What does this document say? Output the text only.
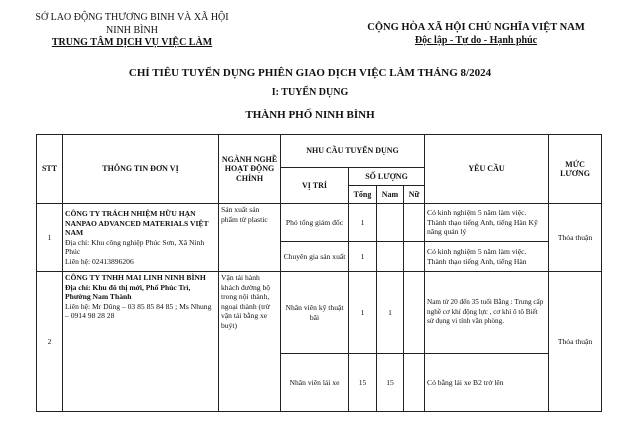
SỞ LAO ĐỘNG THƯƠNG BINH VÀ XÃ HỘI
NINH BÌNH
TRUNG TÂM DỊCH VỤ VIỆC LÀM
CỘNG HÒA XÃ HỘI CHỦ NGHĨA VIỆT NAM
Độc lập - Tự do - Hạnh phúc
CHỈ TIÊU TUYỂN DỤNG PHIÊN GIAO DỊCH VIỆC LÀM THÁNG 8/2024
I: TUYỂN DỤNG
THÀNH PHỐ NINH BÌNH
STT	THÔNG TIN ĐƠN VỊ	NGÀNH NGHỀ HOẠT ĐỘNG CHÍNH	NHU CẦU TUYỂN DỤNG				YÊU CẦU	MỨC LƯƠNG
			VỊ TRÍ	SỐ LƯỢNG				
				Tổng	Nam	Nữ		
1	CÔNG TY TRÁCH NHIỆM HỮU HẠN NANPAO ADVANCED MATERIALS VIỆT NAM
Địa chỉ: Khu công nghiệp Phúc Sơn, Xã Ninh Phúc
Liên hệ: 02413896206	Sản xuất sản phẩm từ plastic	Phó tổng giám đốc	1			Có kinh nghiệm 5 năm làm việc. Thành thạo tiếng Anh, tiếng Hàn Kỹ năng quản lý	Thỏa thuận
			Chuyên gia sản xuất	1			Có kinh nghiệm 5 năm làm việc. Thành thạo tiếng Anh, tiếng Hàn	
2	CÔNG TY TNHH MAI LINH NINH BÌNH
Địa chỉ: Khu đô thị mới, Phố Phúc Trì, Phường Nam Thành
Liên hệ: Mr Dũng – 03 85 85 84 85 ; Ms Nhung – 0914 98 28 28	Vận tải hành khách đường bộ trong nội thành, ngoại thành (trừ vận tải bằng xe buýt)	Nhân viên kỹ thuật bãi	1	1		Nam từ 20 đến 35 tuổi Bằng : Trung cấp nghề cơ khí động lực , cơ khí ô tô Biết sử dụng vi tính văn phòng.	Thỏa thuận
			Nhân viên lái xe	15	15		Có bằng lái xe B2 trở lên	
